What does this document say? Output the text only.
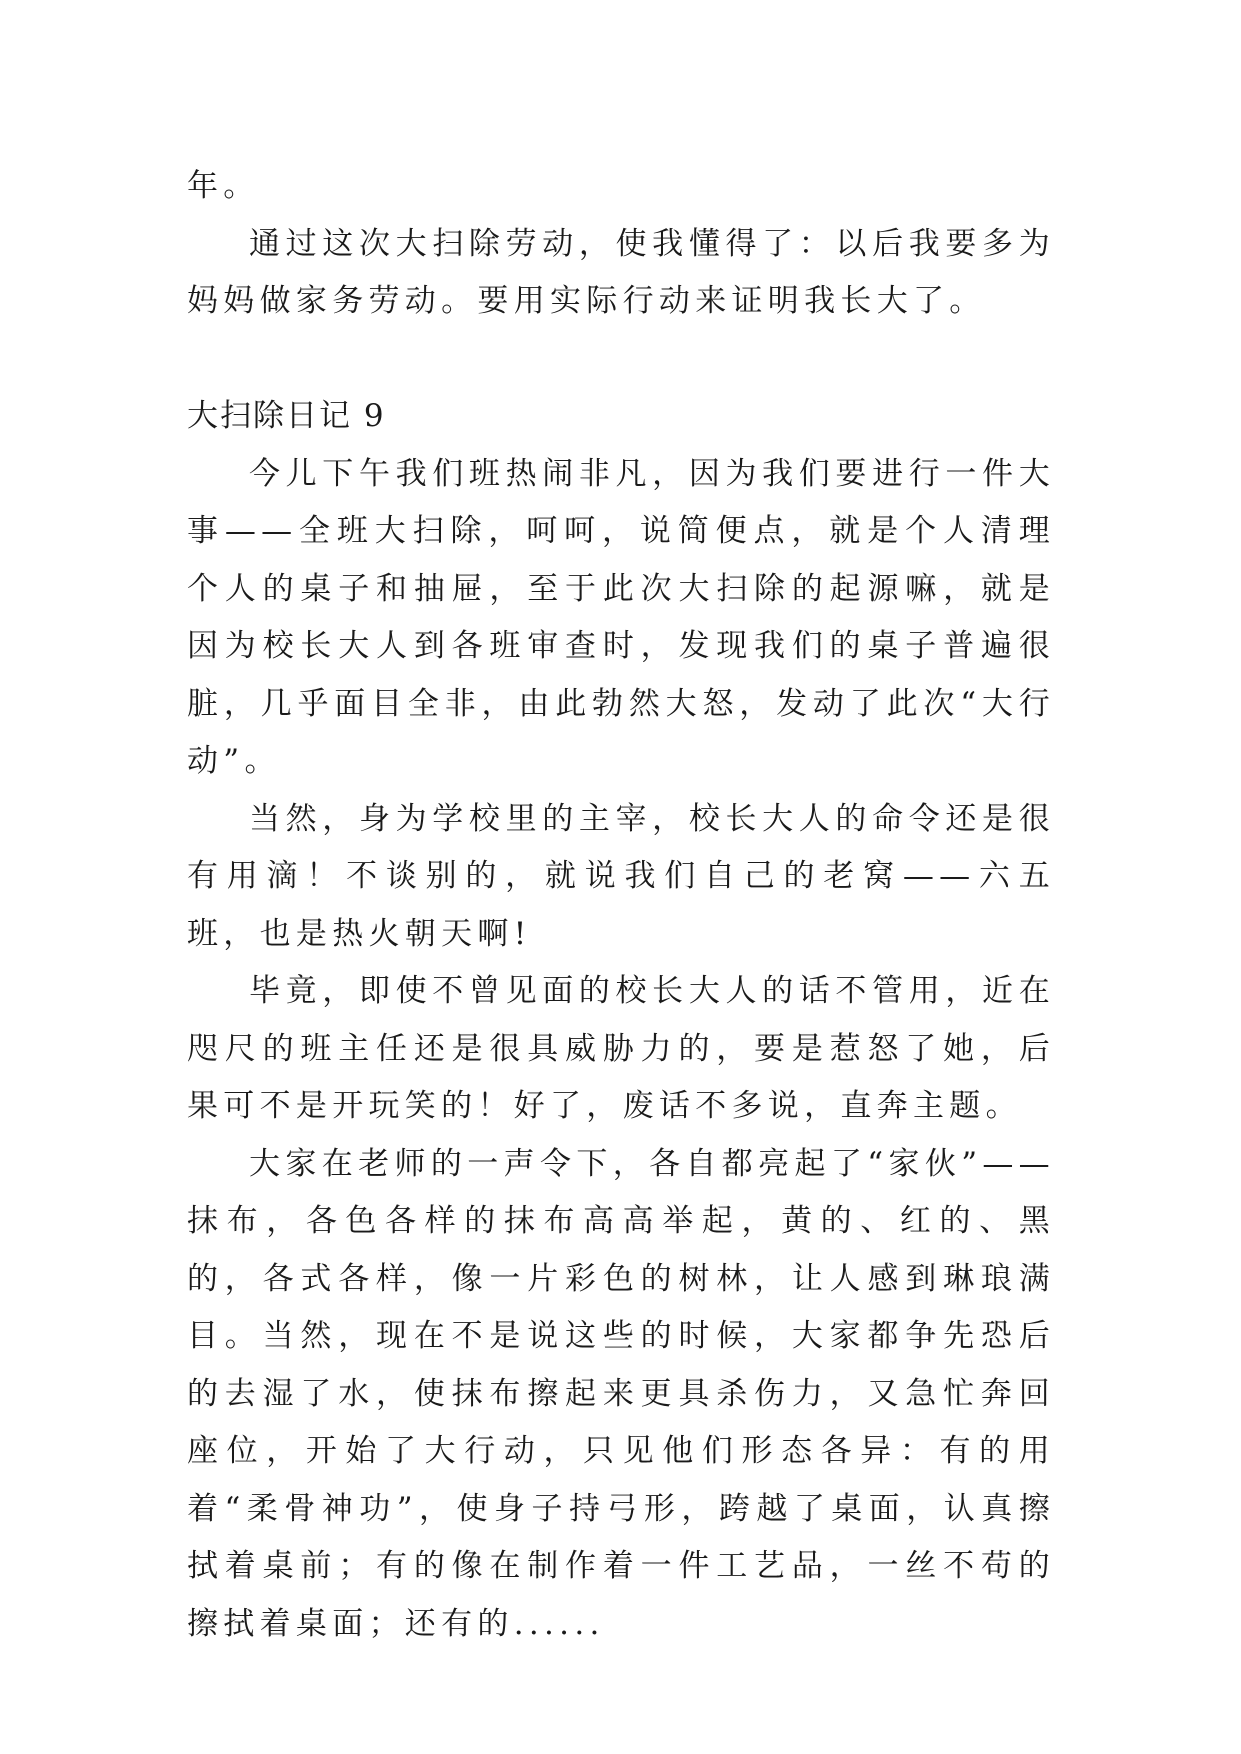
年。

通过这次大扫除劳动，使我懂得了：以后我要多为妈妈做家务劳动。要用实际行动来证明我长大了。

大扫除日记 9

今儿下午我们班热闹非凡，因为我们要进行一件大事——全班大扫除，呵呵，说简便点，就是个人清理个人的桌子和抽屉，至于此次大扫除的起源嘛，就是因为校长大人到各班审查时，发现我们的桌子普遍很脏，几乎面目全非，由此勃然大怒，发动了此次“大行动”。

当然，身为学校里的主宰，校长大人的命令还是很有用滴！不谈别的，就说我们自己的老窝——六五班，也是热火朝天啊!

毕竟，即使不曾见面的校长大人的话不管用，近在咫尺的班主任还是很具威胁力的，要是惹怒了她，后果可不是开玩笑的！好了，废话不多说，直奔主题。

大家在老师的一声令下，各自都亮起了“家伙”——抹布，各色各样的抹布高高举起，黄的、红的、黑的，各式各样，像一片彩色的树林，让人感到琳琅满目。当然，现在不是说这些的时候，大家都争先恐后的去湿了水，使抹布擦起来更具杀伤力，又急忙奔回座位，开始了大行动，只见他们形态各异：有的用着“柔骨神功”，使身子持弓形，跨越了桌面，认真擦拭着桌前；有的像在制作着一件工艺品，一丝不苟的擦拭着桌面；还有的......
